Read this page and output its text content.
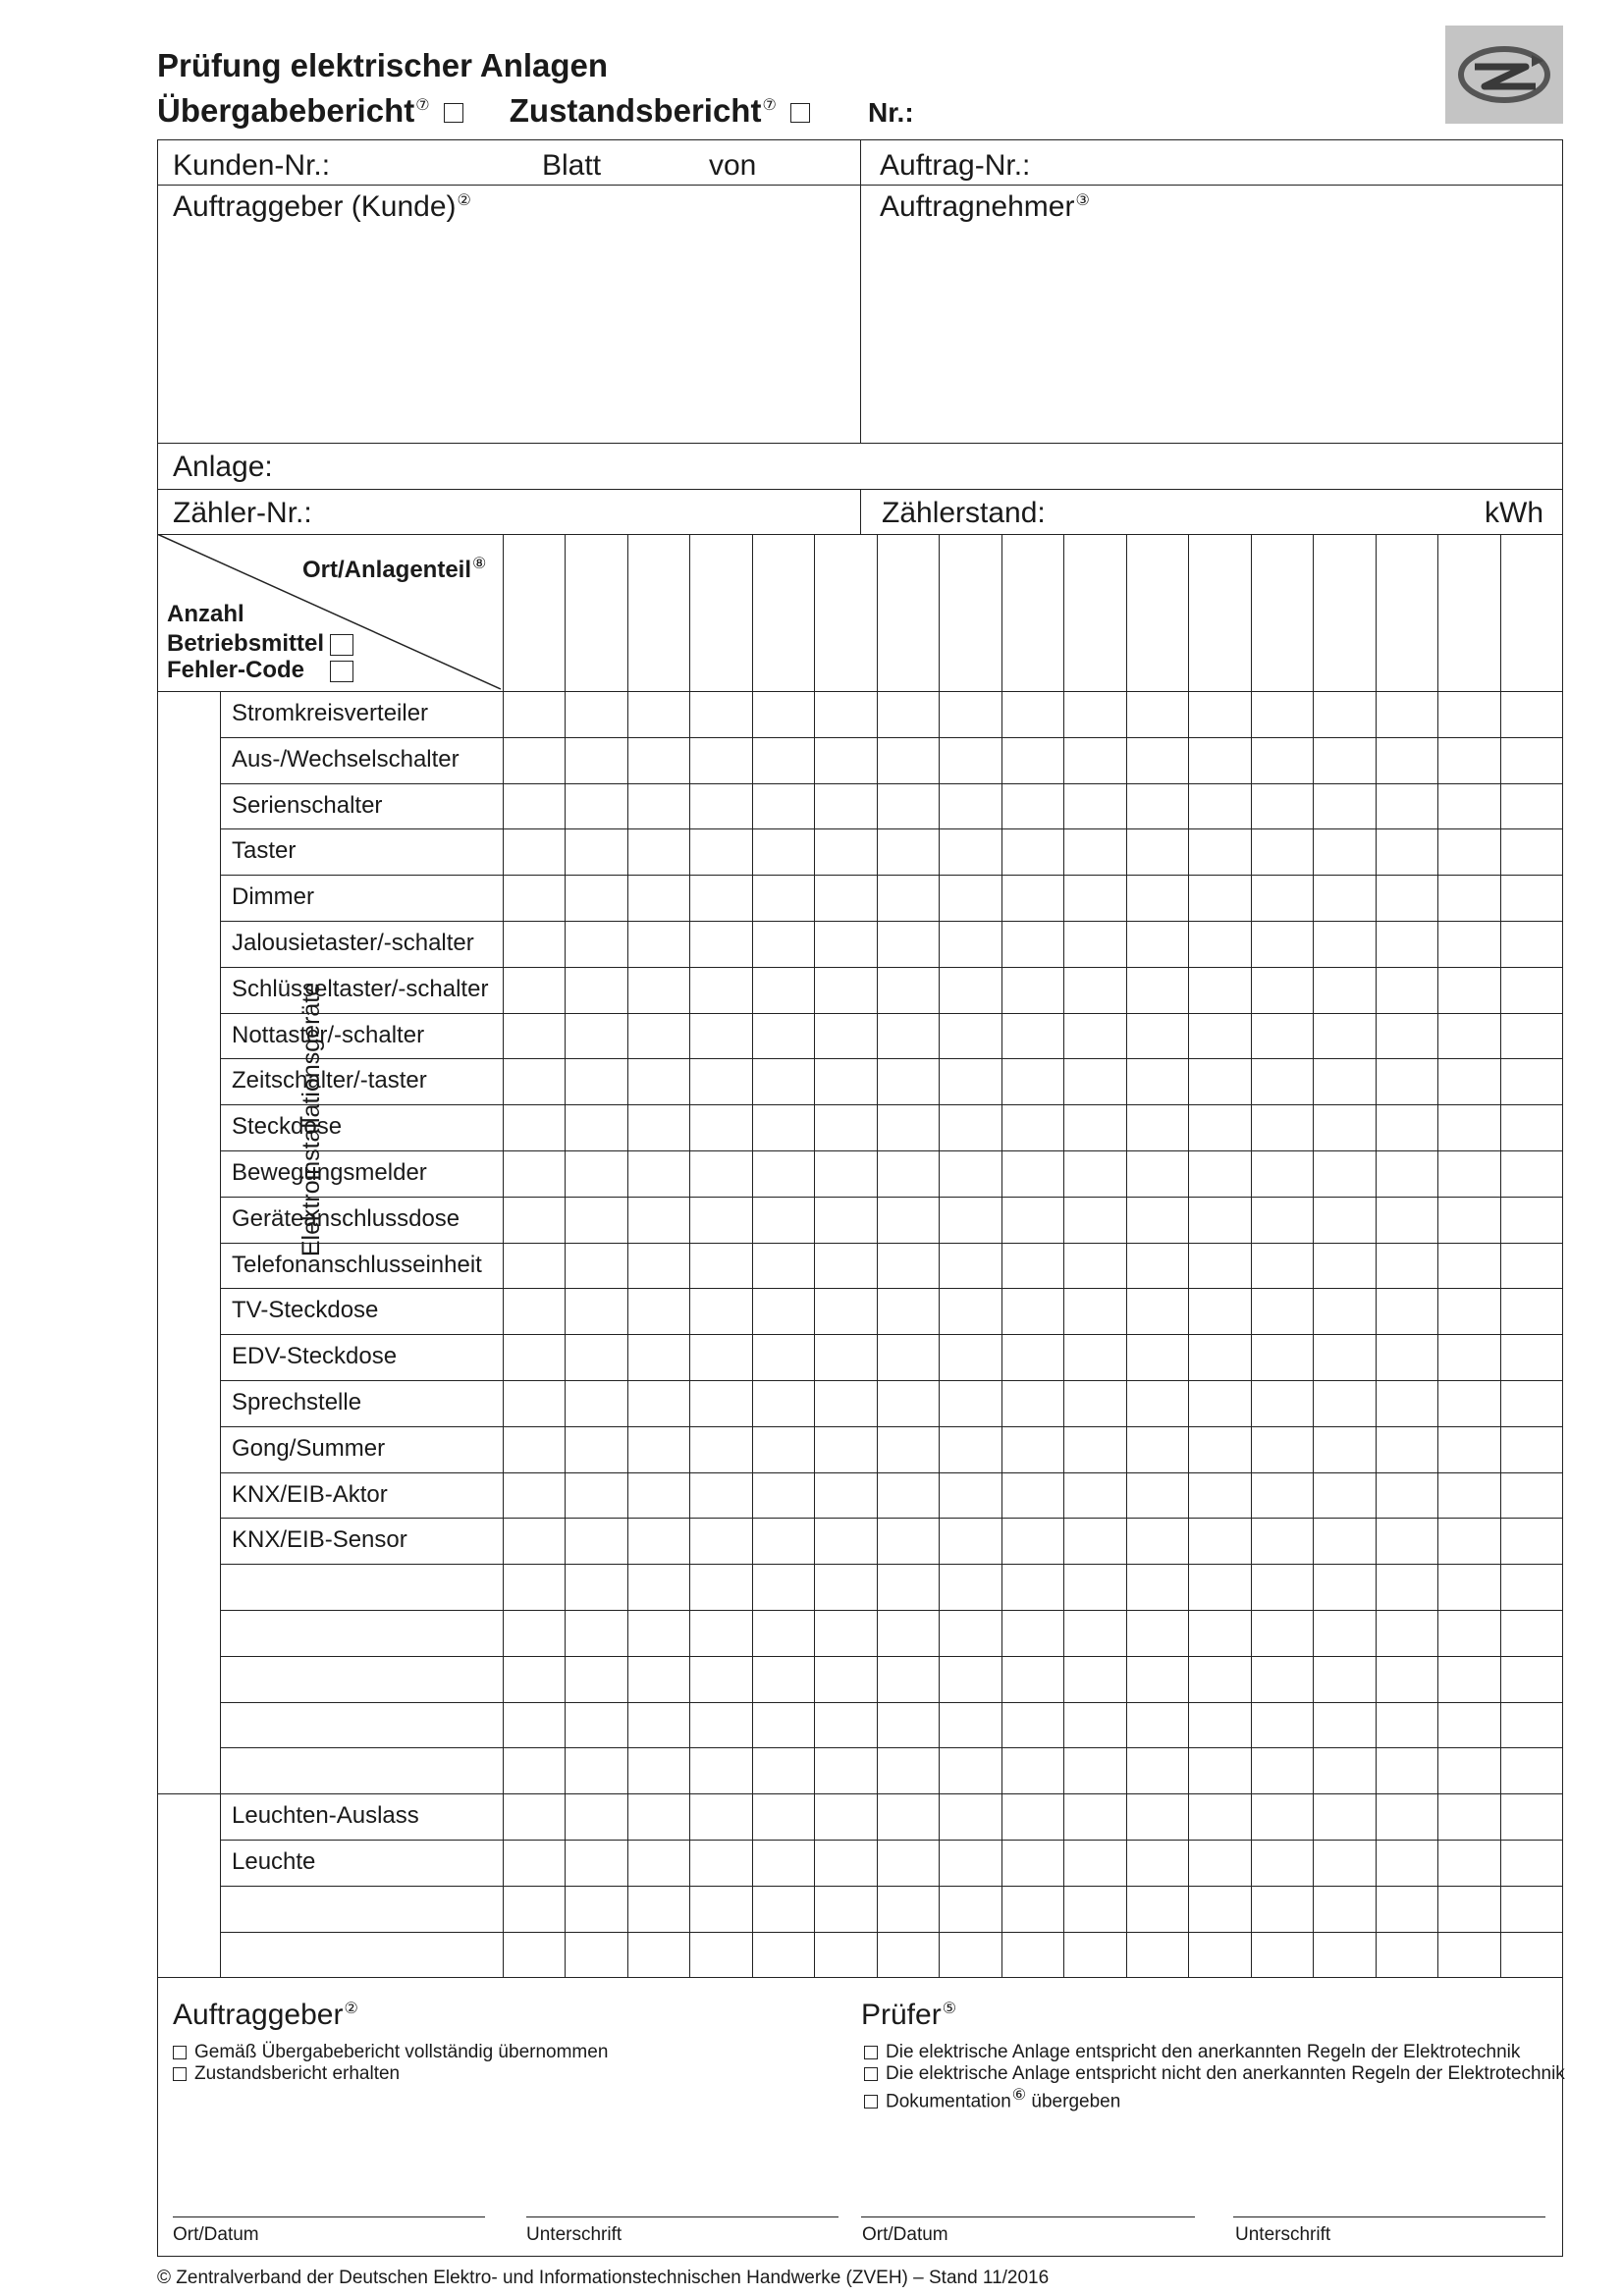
Prüfung elektrischer Anlagen
Übergabebericht⑦ Zustandsbericht⑦	Nr.:
Kunden-Nr.:	Blatt	von	Auftrag-Nr.:
Auftraggeber (Kunde)②	Auftragnehmer③
Anlage:
Zähler-Nr.:	Zählerstand:	kWh
Ort/Anlagenteil⑧
Anzahl
Betriebsmittel
Fehler-Code
Stromkreisverteiler
Aus-/Wechselschalter
Serienschalter
Taster
Dimmer
Jalousietaster/-schalter
Schlüsseltaster/-schalter
Nottaster/-schalter
Zeitschalter/-taster
Steckdose
Bewegungsmelder
Geräteanschlussdose
Telefonanschlusseinheit
TV-Steckdose
EDV-Steckdose
Sprechstelle
Gong/Summer
KNX/EIB-Aktor
KNX/EIB-Sensor
Leuchten-Auslass
Leuchte
Elektroinstallationsgeräte
Auftraggeber②
Gemäß Übergabebericht vollständig übernommen
Zustandsbericht erhalten
Prüfer⑤
Die elektrische Anlage entspricht den anerkannten Regeln der Elektrotechnik
Die elektrische Anlage entspricht nicht den anerkannten Regeln der Elektrotechnik
Dokumentation⑥ übergeben
Ort/Datum	Unterschrift	Ort/Datum	Unterschrift
© Zentralverband der Deutschen Elektro- und Informationstechnischen Handwerke (ZVEH) – Stand 11/2016
